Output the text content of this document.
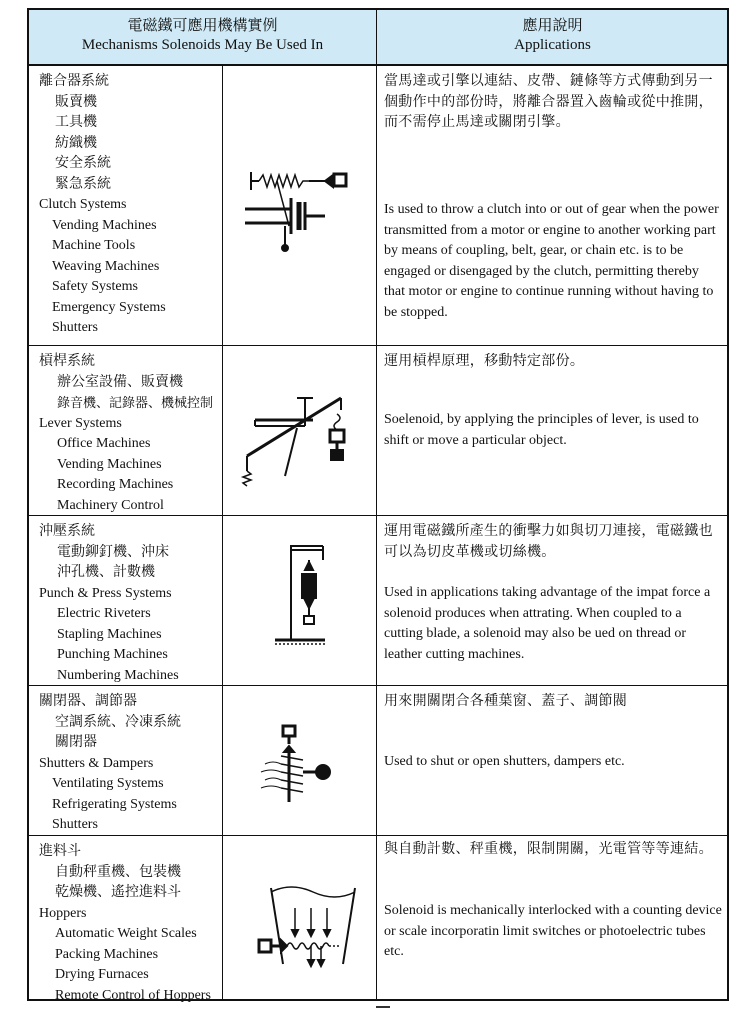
電磁鐵可應用機構實例
Mechanisms Solenoids May Be Used In
應用說明
Applications
離合器系統
販賣機
工具機
紡織機
安全系統
緊急系統
Clutch Systems
Vending Machines
Machine Tools
Weaving Machines
Safety Systems
Emergency Systems
Shutters
當馬達或引擎以連結、皮帶、鏈條等方式傳動到另一個動作中的部份時，將離合器置入齒輪或從中推開，而不需停止馬達或關閉引擎。
Is used to throw a clutch into or out of gear when the power transmitted from a motor or engine to another working part by means of coupling, belt, gear, or chain etc. is to be engaged or disengaged by the clutch, permitting thereby that motor or engine to continue running without having to be stopped.
槓桿系統
辦公室設備、販賣機
錄音機、記錄器、機械控制
Lever Systems
Office Machines
Vending Machines
Recording Machines
Machinery Control
運用槓桿原理，移動特定部份。
Soelenoid, by applying the principles of lever, is used to shift or move a particular object.
沖壓系統
電動鉚釘機、沖床
沖孔機、計數機
Punch & Press Systems
Electric Riveters
Stapling Machines
Punching Machines
Numbering Machines
運用電磁鐵所產生的衝擊力如與切刀連接，電磁鐵也可以為切皮革機或切絲機。
Used in applications taking advantage of the impat force a solenoid produces when attrating. When coupled to a cutting blade, a solenoid may also be ued on thread or leather cutting machines.
關閉器、調節器
空調系統、冷凍系統
關閉器
Shutters & Dampers
Ventilating Systems
Refrigerating Systems
Shutters
用來開關閉合各種葉窗、蓋子、調節閥
Used to shut or open shutters, dampers etc.
進料斗
自動秤重機、包裝機
乾燥機、遙控進料斗
Hoppers
Automatic Weight Scales
Packing Machines
Drying Furnaces
Remote Control of Hoppers
與自動計數、秤重機，限制開關，光電管等等連結。
Solenoid is mechanically interlocked with a counting device or scale incorporatin limit switches or photoelectric tubes etc.
